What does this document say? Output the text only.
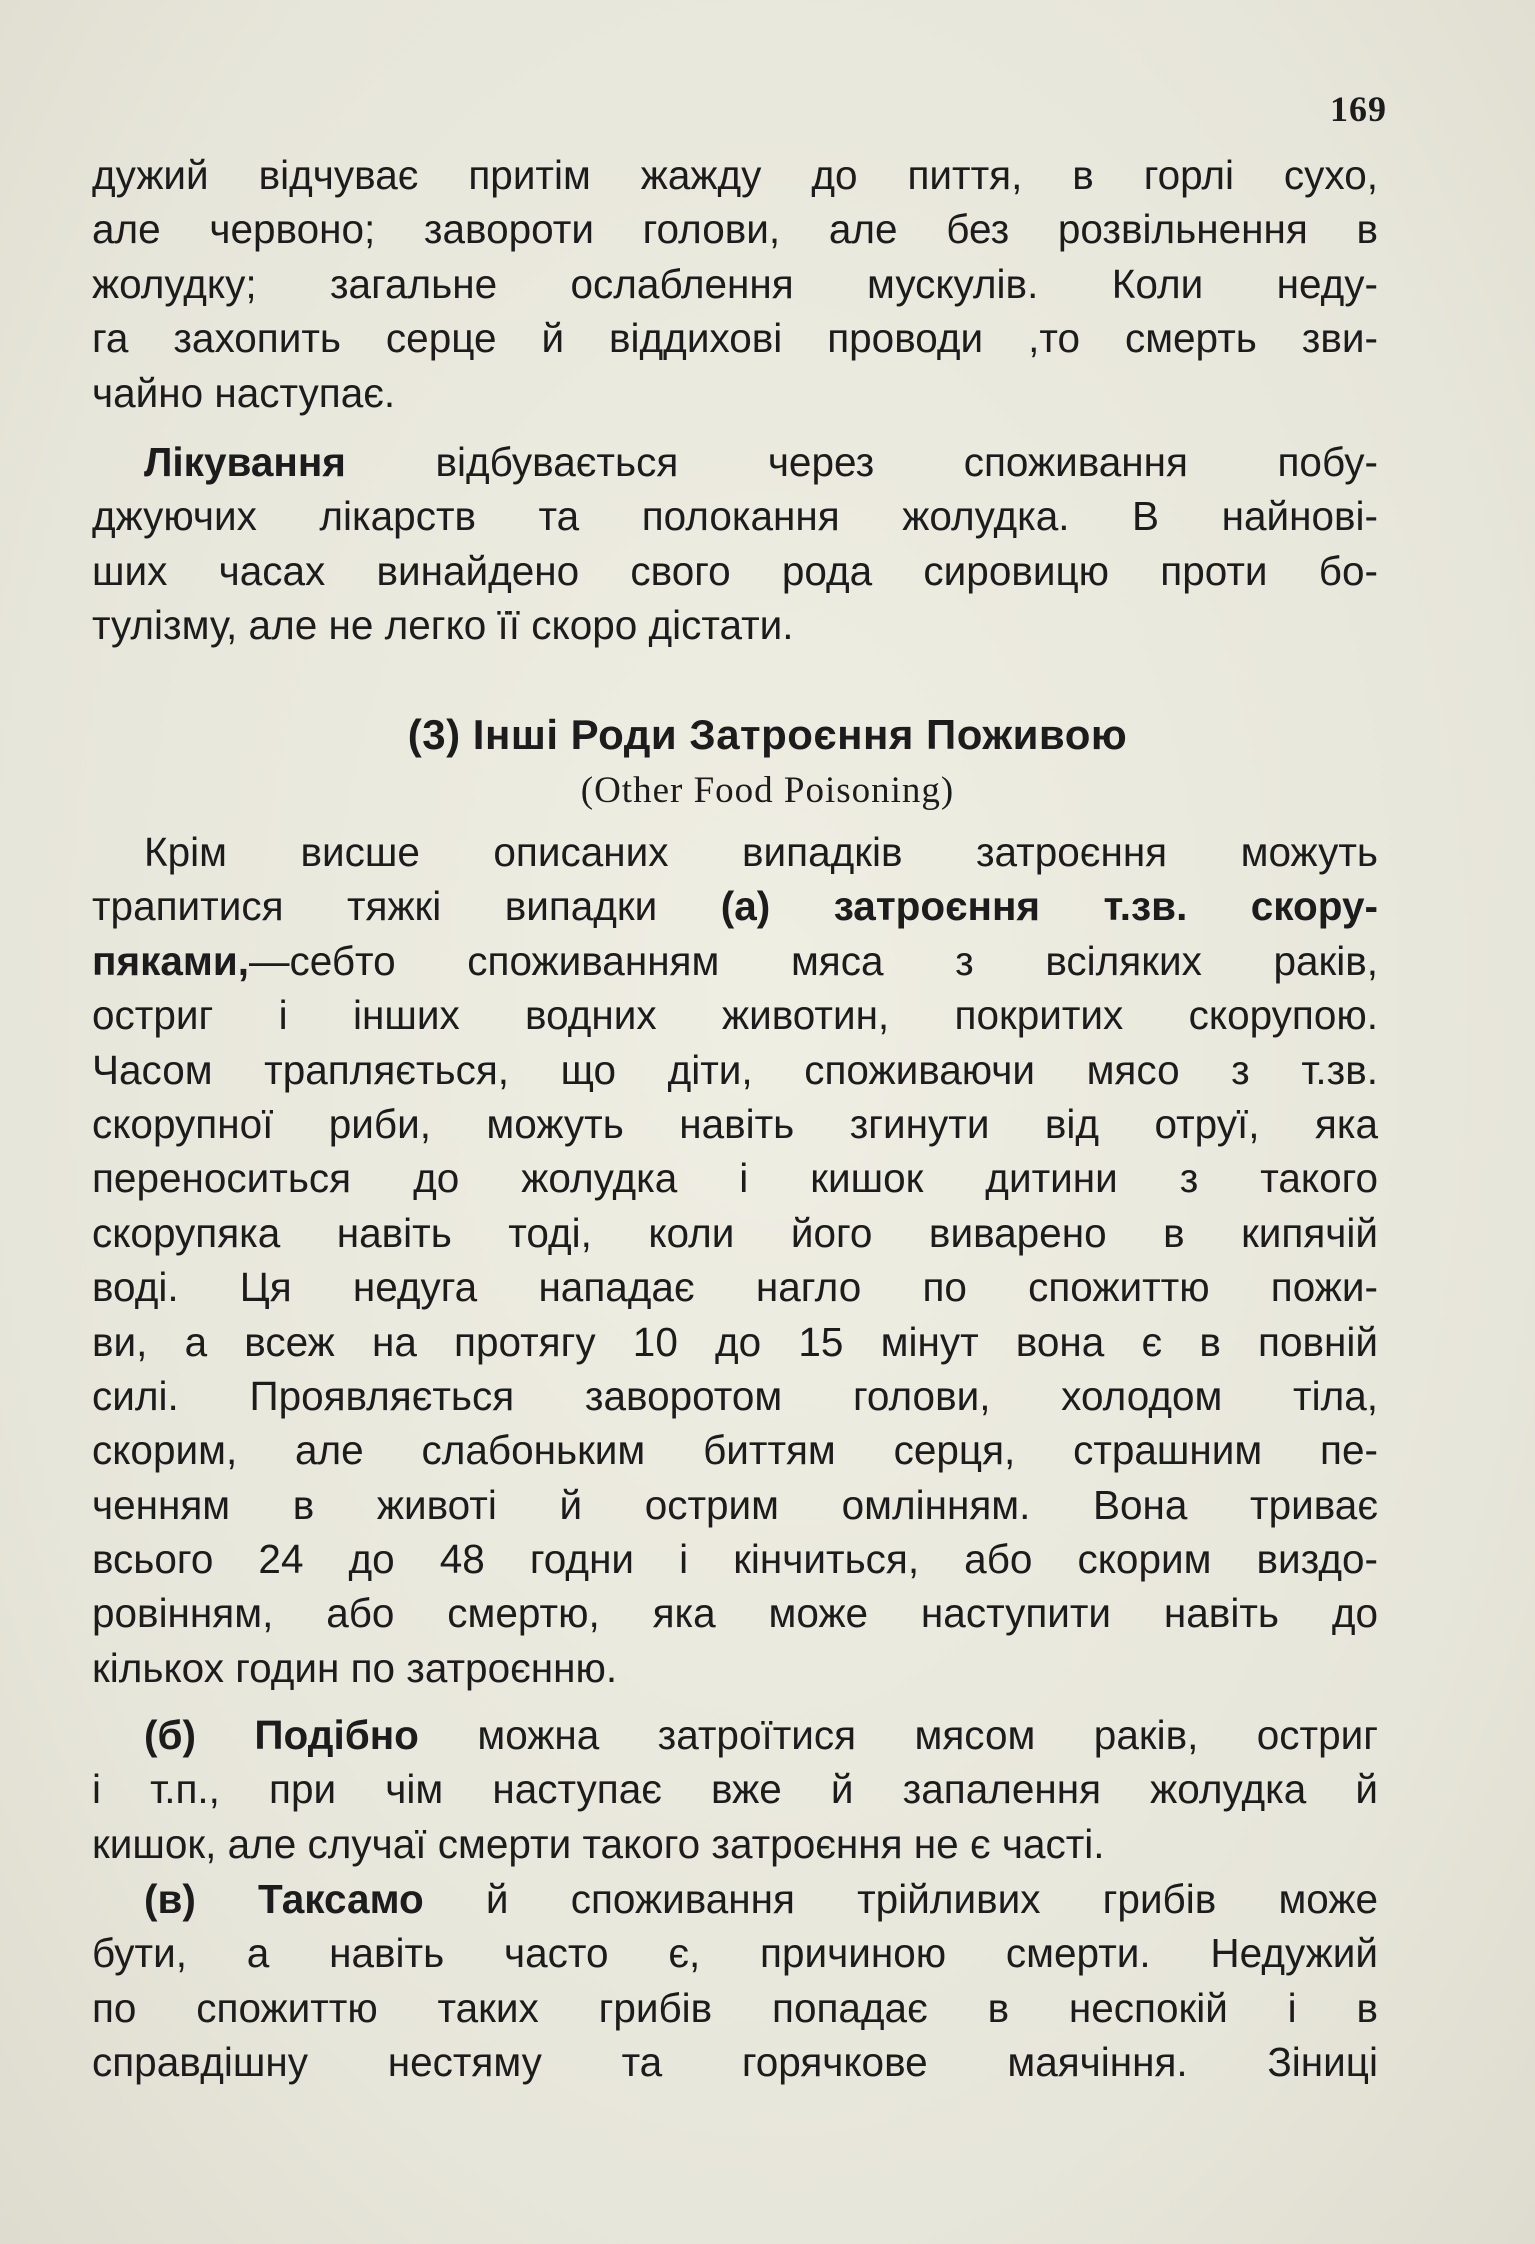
169
дужий відчуває притім жажду до пиття, в горлі сухо,
але червоно; завороти голови, але без розвільнення в
жолудку; загальне ослаблення мускулів. Коли неду-
га захопить серце й віддихові проводи ,то смерть зви-
чайно наступає.
Лікування відбувається через споживання побу-
джуючих лікарств та полокання жолудка. В найнові-
ших часах винайдено свого рода сировицю проти бо-
тулізму, але не легко її скоро дістати.
(3) Інші Роди Затроєння Поживою
(Other Food Poisoning)
Крім висше описаних випадків затроєння можуть
трапитися тяжкі випадки (а) затроєння т.зв. скору-
пяками,—себто споживанням мяса з всіляких раків,
остриг і інших водних животин, покритих скорупою.
Часом трапляється, що діти, споживаючи мясо з т.зв.
скорупної риби, можуть навіть згинути від отруї, яка
переноситься до жолудка і кишок дитини з такого
скорупяка навіть тоді, коли його виварено в кипячій
воді. Ця недуга нападає нагло по спожиттю пожи-
ви, а всеж на протягу 10 до 15 мінут вона є в повній
силі. Проявляється заворотом голови, холодом тіла,
скорим, але слабоньким биттям серця, страшним пе-
ченням в животі й острим омлінням. Вона триває
всього 24 до 48 годни і кінчиться, або скорим виздо-
ровінням, або смертю, яка може наступити навіть до
кількох годин по затроєнню.
(б) Подібно можна затроїтися мясом раків, остриг
і т.п., при чім наступає вже й запалення жолудка й
кишок, але случаї смерти такого затроєння не є часті.
(в) Таксамо й споживання трійливих грибів може
бути, а навіть часто є, причиною смерти. Недужий
по спожиттю таких грибів попадає в неспокій і в
справдішну нестяму та горячкове маячіння. Зіниці
